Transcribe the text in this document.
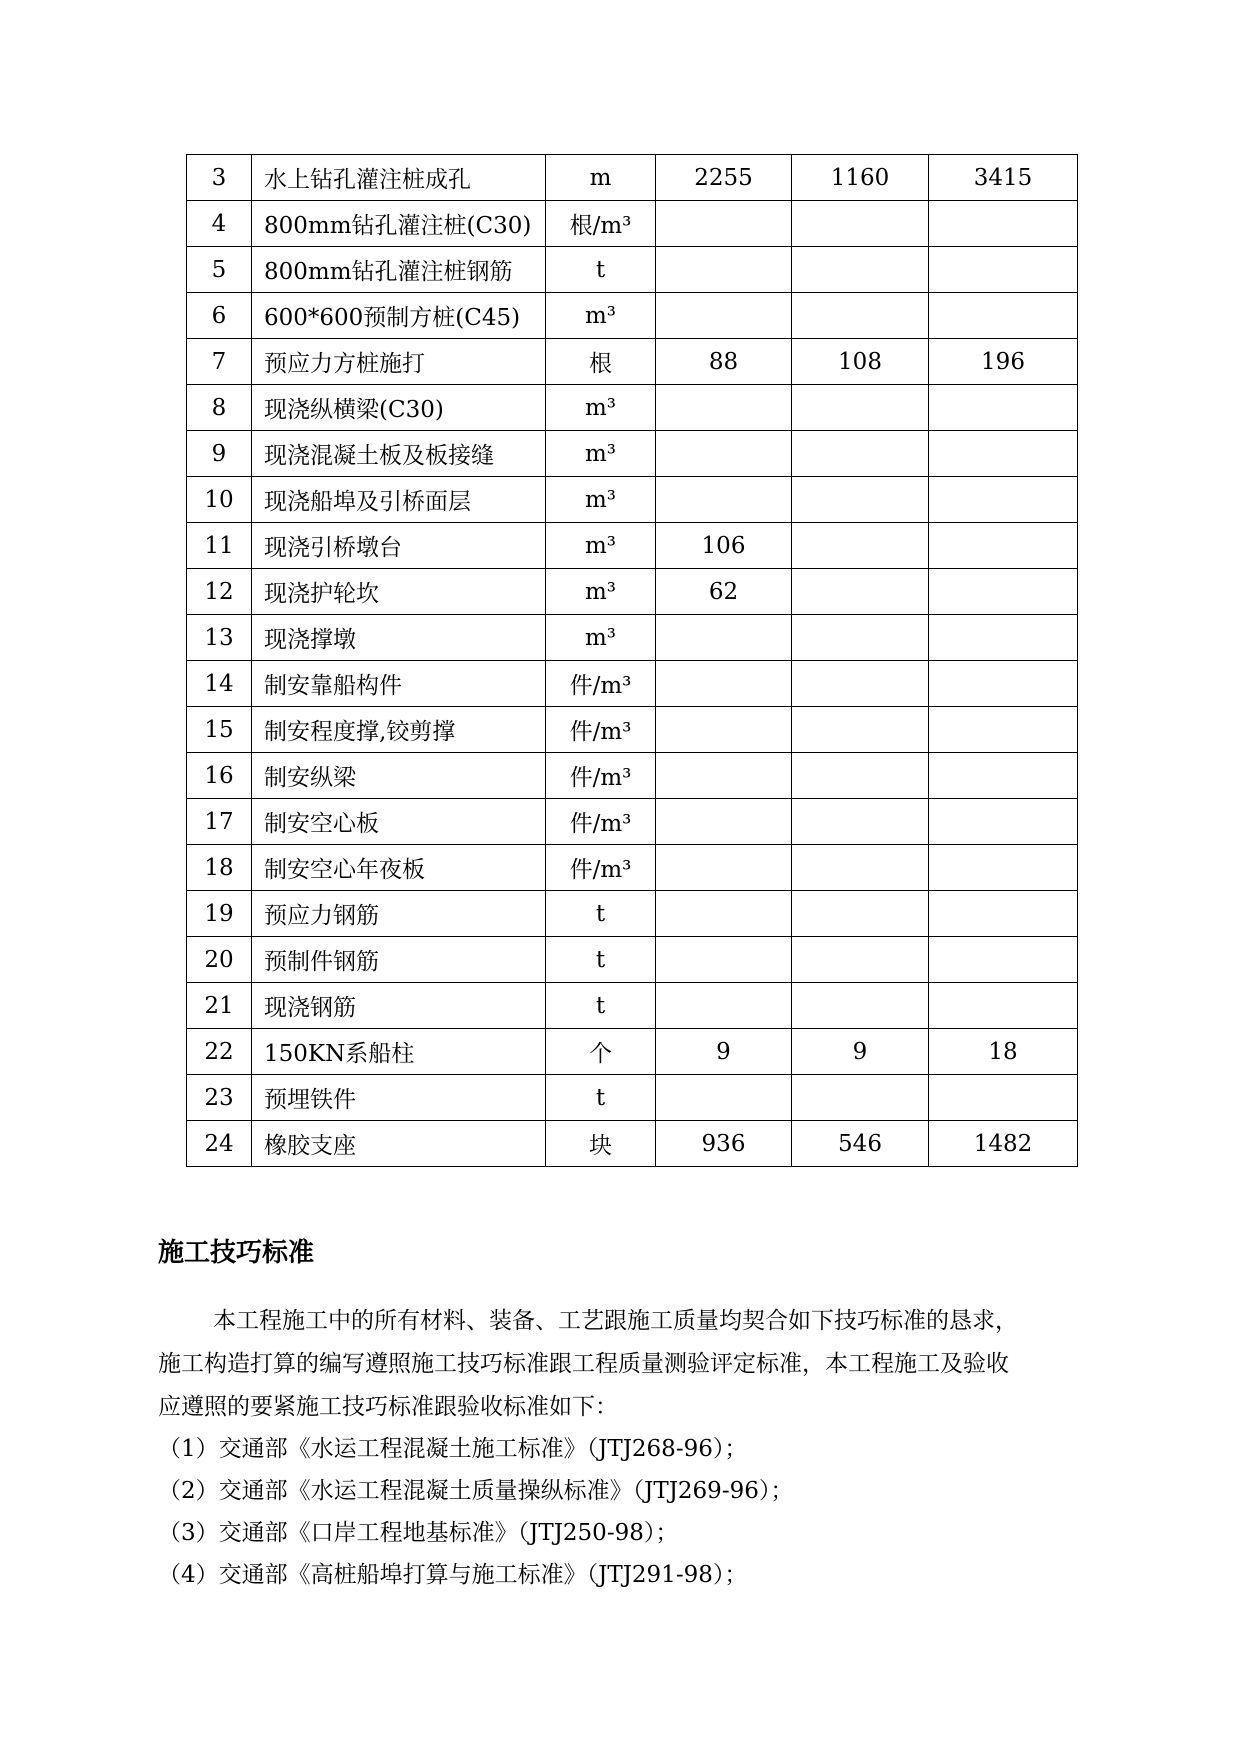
3	水上钻孔灌注桩成孔	m	2255	1160	3415
4	800mm钻孔灌注桩(C30)	根/m³			
5	800mm钻孔灌注桩钢筋	t			
6	600*600预制方桩(C45)	m³			
7	预应力方桩施打	根	88	108	196
8	现浇纵横梁(C30)	m³			
9	现浇混凝土板及板接缝	m³			
10	现浇船埠及引桥面层	m³			
11	现浇引桥墩台	m³	106		
12	现浇护轮坎	m³	62		
13	现浇撑墩	m³			
14	制安靠船构件	件/m³			
15	制安程度撑,铰剪撑	件/m³			
16	制安纵梁	件/m³			
17	制安空心板	件/m³			
18	制安空心年夜板	件/m³			
19	预应力钢筋	t			
20	预制件钢筋	t			
21	现浇钢筋	t			
22	150KN系船柱	个	9	9	18
23	预埋铁件	t			
24	橡胶支座	块	936	546	1482
施工技巧标准

本工程施工中的所有材料、装备、工艺跟施工质量均契合如下技巧标准的恳求，

施工构造打算的编写遵照施工技巧标准跟工程质量测验评定标准，本工程施工及验收

应遵照的要紧施工技巧标准跟验收标准如下：

（1）交通部《水运工程混凝土施工标准》（JTJ268-96）；

（2）交通部《水运工程混凝土质量操纵标准》（JTJ269-96）；

（3）交通部《口岸工程地基标准》（JTJ250-98）；

（4）交通部《高桩船埠打算与施工标准》（JTJ291-98）；
